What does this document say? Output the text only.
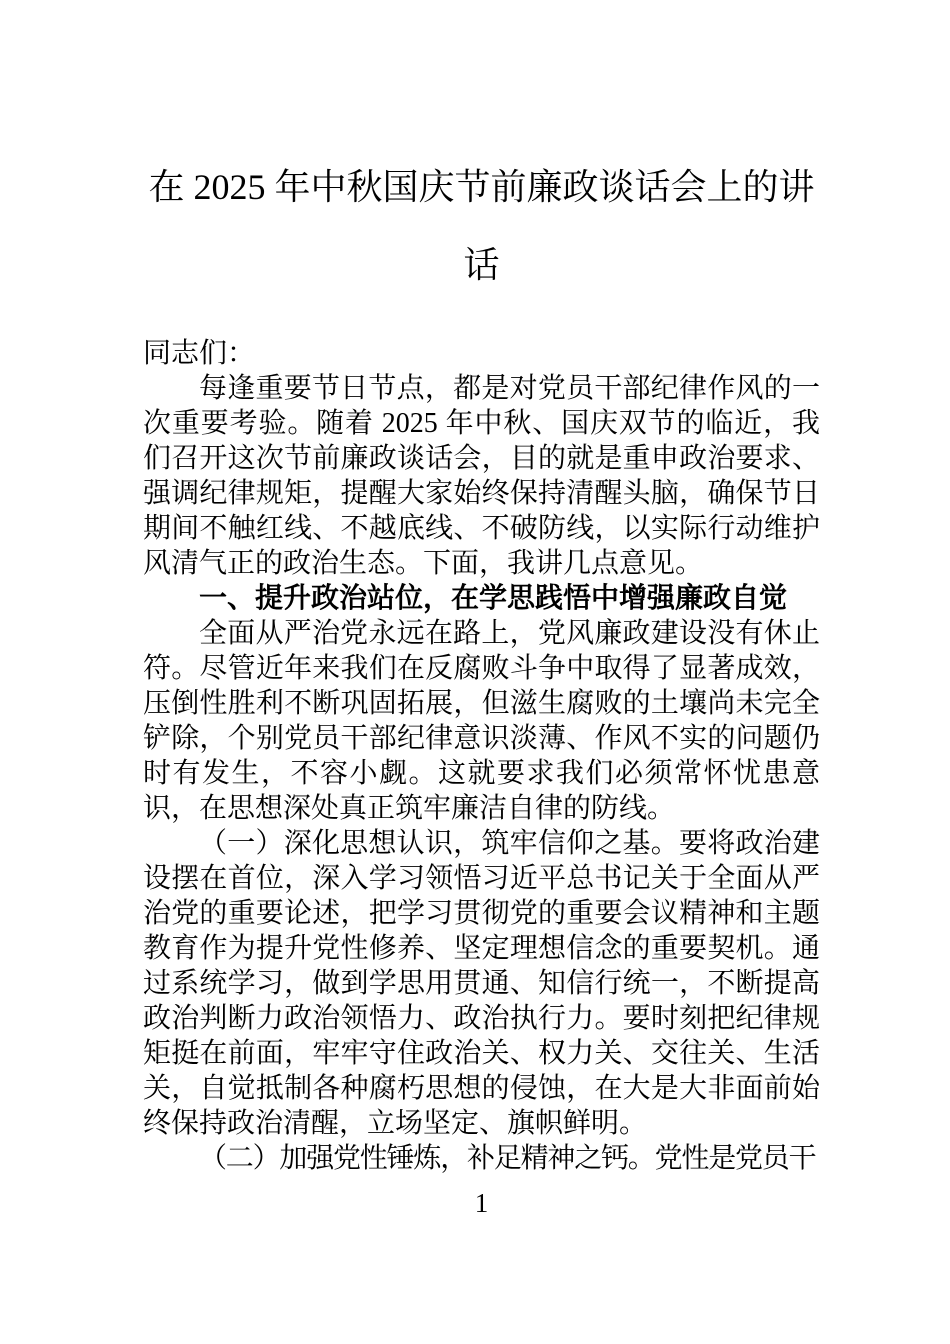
在 2025 年中秋国庆节前廉政谈话会上的讲话

同志们：

每逢重要节日节点，都是对党员干部纪律作风的一次重要考验。随着 2025 年中秋、国庆双节的临近，我们召开这次节前廉政谈话会，目的就是重申政治要求、强调纪律规矩，提醒大家始终保持清醒头脑，确保节日期间不触红线、不越底线、不破防线，以实际行动维护风清气正的政治生态。下面，我讲几点意见。

一、提升政治站位，在学思践悟中增强廉政自觉

全面从严治党永远在路上，党风廉政建设没有休止符。尽管近年来我们在反腐败斗争中取得了显著成效，压倒性胜利不断巩固拓展，但滋生腐败的土壤尚未完全铲除，个别党员干部纪律意识淡薄、作风不实的问题仍时有发生，不容小觑。这就要求我们必须常怀忧患意识，在思想深处真正筑牢廉洁自律的防线。

（一）深化思想认识，筑牢信仰之基。要将政治建设摆在首位，深入学习领悟习近平总书记关于全面从严治党的重要论述，把学习贯彻党的重要会议精神和主题教育作为提升党性修养、坚定理想信念的重要契机。通过系统学习，做到学思用贯通、知信行统一，不断提高政治判断力政治领悟力、政治执行力。要时刻把纪律规矩挺在前面，牢牢守住政治关、权力关、交往关、生活关，自觉抵制各种腐朽思想的侵蚀，在大是大非面前始终保持政治清醒，立场坚定、旗帜鲜明。

（二）加强党性锤炼，补足精神之钙。党性是党员干

1
